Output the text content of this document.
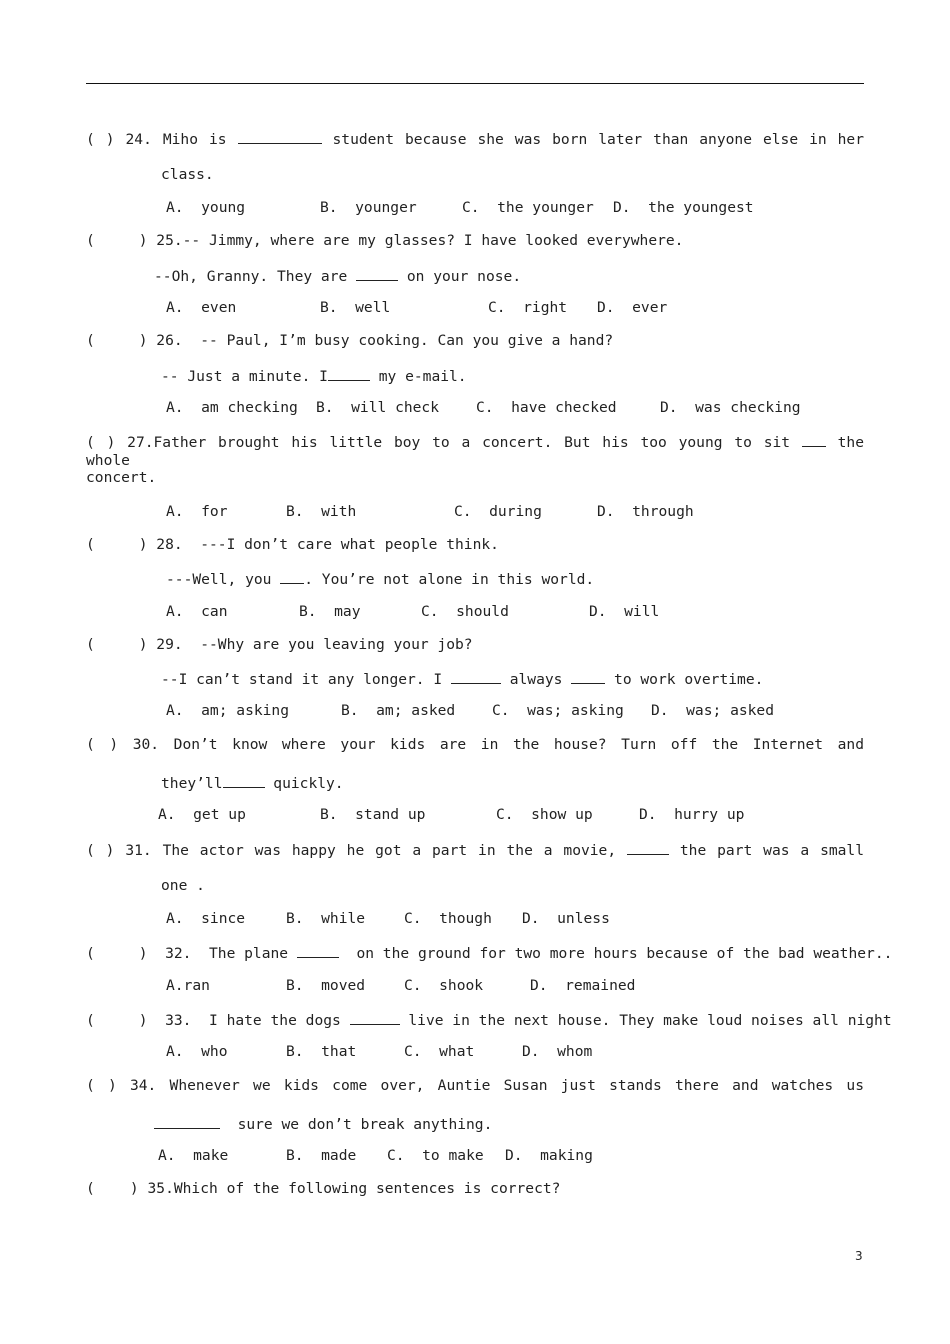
( ) 24. Miho is	student because she was born later than anyone else in her
class.
A.  young	B.  younger	C.  the younger D.  the youngest
(     ) 25.-- Jimmy, where are my glasses? I have looked everywhere.
--Oh, Granny. They are	on your nose.
A.  even	B.  well	C.  right D.  ever
(     ) 26.  -- Paul, I’m busy cooking. Can you give a hand?
-- Just a minute. I	my e-mail.
A.  am checking B.  will check	C.  have checked	D.  was checking
( ) 27.Father brought his little boy to a concert. But his too young to sit  the whole
concert.
A.  for	B.  with	C.  during	D.  through
(     ) 28.  ---I don’t care what people think.
---Well, you . You’re not alone in this world.
A.  can	B.  may	C.  should	D.  will
(     ) 29.  --Why are you leaving your job?
--I can’t stand it any longer. I	always  to work overtime.
A.  am; asking	B.  am; asked	C.  was; asking D.  was; asked
( ) 30. Don’t know where your kids are in the house? Turn off the Internet and
they’ll	quickly.
A.  get up	B.  stand up	C.  show up	D.  hurry up
( ) 31. The actor was happy he got a part in the a movie,	the part was a small
one .
A.  since	B.  while	C.  though D.  unless
(     )  32.  The plane	on the ground for two more hours because of the bad weather..
A.ran	B.  moved	C.  shook	D.  remained
(     )  33.  I hate the dogs	live in the next house. They make loud noises all night
A.  who	B.  that	C.  what	D.  whom
( ) 34. Whenever we kids come over, Auntie Susan just stands there and watches us
sure we don’t break anything.
A.  make	B.  made C.  to make D.  making
(    ) 35.Which of the following sentences is correct?
3
